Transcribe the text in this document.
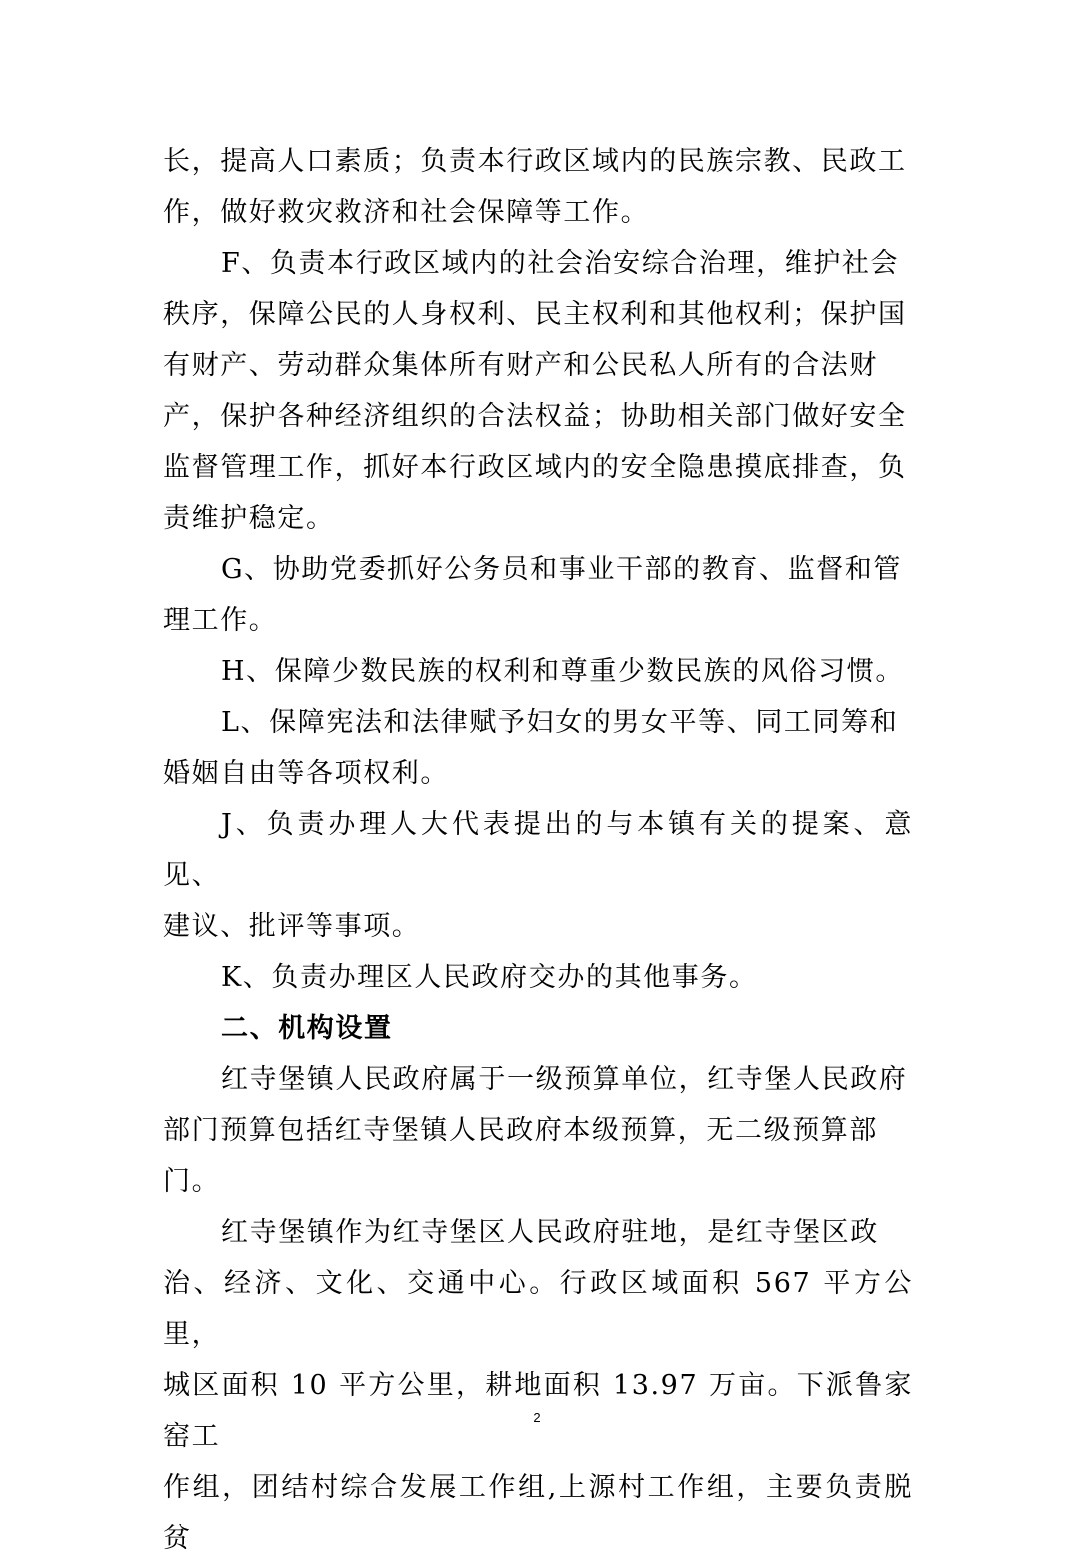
长，提高人口素质；负责本行政区域内的民族宗教、民政工
作，做好救灾救济和社会保障等工作。

F、负责本行政区域内的社会治安综合治理，维护社会
秩序，保障公民的人身权利、民主权利和其他权利；保护国
有财产、劳动群众集体所有财产和公民私人所有的合法财
产，保护各种经济组织的合法权益；协助相关部门做好安全
监督管理工作，抓好本行政区域内的安全隐患摸底排查，负
责维护稳定。

G、协助党委抓好公务员和事业干部的教育、监督和管
理工作。

H、保障少数民族的权利和尊重少数民族的风俗习惯。

L、保障宪法和法律赋予妇女的男女平等、同工同筹和
婚姻自由等各项权利。

J、负责办理人大代表提出的与本镇有关的提案、意见、
建议、批评等事项。

K、负责办理区人民政府交办的其他事务。

二、机构设置

红寺堡镇人民政府属于一级预算单位，红寺堡人民政府
部门预算包括红寺堡镇人民政府本级预算，无二级预算部
门。

红寺堡镇作为红寺堡区人民政府驻地，是红寺堡区政
治、经济、文化、交通中心。行政区域面积 567 平方公里，
城区面积 10 平方公里，耕地面积 13.97 万亩。下派鲁家窑工
作组，团结村综合发展工作组,上源村工作组，主要负责脱贫

2
